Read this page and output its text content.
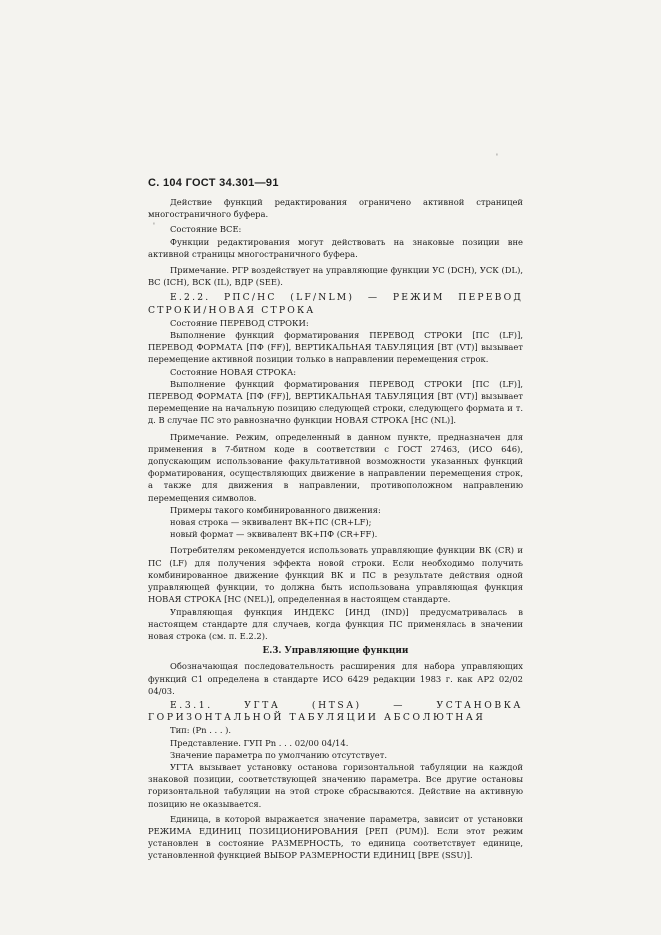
'
'
С. 104 ГОСТ 34.301—91

Действие функций редактирования ограничено активной страницей многостраничного буфера.

Состояние ВСЕ:

Функции редактирования могут действовать на знаковые позиции вне активной страницы многостраничного буфера.

Примечание. РГР воздействует на управляющие функции УС (DCH), УСК (DL), ВС (ICH), ВСК (IL), ВДР (SEE).

Е.2.2. РПС/НС (LF/NLM) — РЕЖИМ ПЕРЕВОД СТРОКИ/НОВАЯ СТРОКА

Состояние ПЕРЕВОД СТРОКИ:

Выполнение функций форматирования ПЕРЕВОД СТРОКИ [ПС (LF)], ПЕРЕВОД ФОРМАТА [ПФ (FF)], ВЕРТИКАЛЬНАЯ ТАБУЛЯЦИЯ [ВТ (VT)] вызывает перемещение активной позиции только в направлении перемещения строк.

Состояние НОВАЯ СТРОКА:

Выполнение функций форматирования ПЕРЕВОД СТРОКИ [ПС (LF)], ПЕРЕВОД ФОРМАТА [ПФ (FF)], ВЕРТИКАЛЬНАЯ ТАБУЛЯЦИЯ [ВТ (VT)] вызывает перемещение на начальную позицию следующей строки, следующего формата и т. д. В случае ПС это равнозначно функции НОВАЯ СТРОКА [НС (NL)].

Примечание. Режим, определенный в данном пункте, предназначен для применения в 7-битном коде в соответствии с ГОСТ 27463, (ИСО 646), допускающим использование факультативной возможности указанных функций форматирования, осуществляющих движение в направлении перемещения строк, а также для движения в направлении, противоположном направлению перемещения символов.

Примеры такого комбинированного движения:

новая строка — эквивалент ВК+ПС (CR+LF);

новый формат — эквивалент ВК+ПФ (CR+FF).

Потребителям рекомендуется использовать управляющие функции ВК (CR) и ПС (LF) для получения эффекта новой строки. Если необходимо получить комбинированное движение функций ВК и ПС в результате действия одной управляющей функции, то должна быть использована управляющая функция НОВАЯ СТРОКА [НС (NEL)], определенная в настоящем стандарте.

Управляющая функция ИНДЕКС [ИНД (IND)] предусматривалась в настоящем стандарте для случаев, когда функция ПС применялась в значении новая строка (см. п. Е.2.2).

Е.3. Управляющие функции

Обозначающая последовательность расширения для набора управляющих функций С1 определена в стандарте ИСО 6429 редакции 1983 г. как АР2 02/02 04/03.

Е.3.1. УГТА (HTSA) — УСТАНОВКА ГОРИЗОНТАЛЬНОЙ ТАБУЛЯЦИИ АБСОЛЮТНАЯ

Тип: (Pn . . . ).

Представление. ГУП Pn . . . 02/00 04/14.

Значение параметра по умолчанию отсутствует.

УГТА вызывает установку останова горизонтальной табуляции на каждой знаковой позиции, соответствующей значению параметра. Все другие остановы горизонтальной табуляции на этой строке сбрасываются. Действие на активную позицию не оказывается.

Единица, в которой выражается значение параметра, зависит от установки РЕЖИМА ЕДИНИЦ ПОЗИЦИОНИРОВАНИЯ [РЕП (PUM)]. Если этот режим установлен в состояние РАЗМЕРНОСТЬ, то единица соответствует единице, установленной функцией ВЫБОР РАЗМЕРНОСТИ ЕДИНИЦ [ВРЕ (SSU)].
